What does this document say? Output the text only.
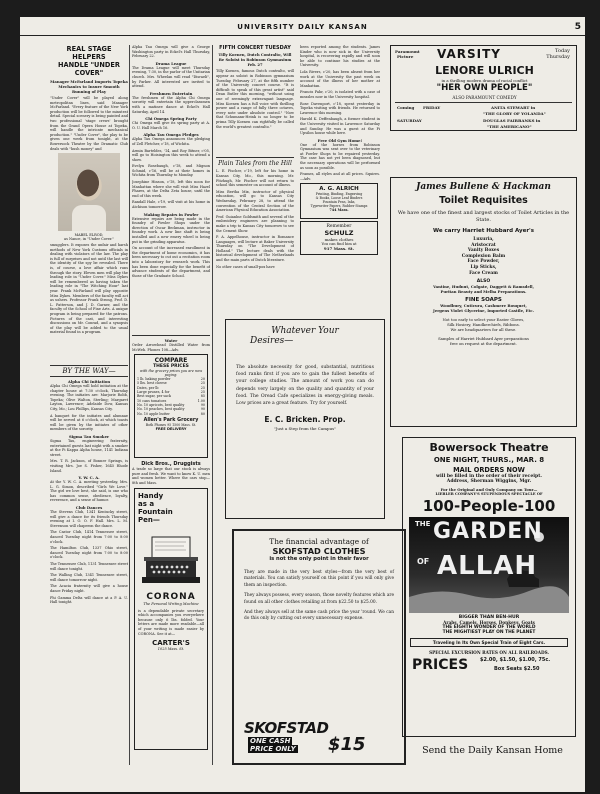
UNIVERSITY DAILY KANSAN	5
REAL STAGE HELPERS
HANDLE "UNDER COVER"
Manager McFarland Imports Topeka Mechanics to Insure Smooth Running of Play

"Under Cover" will be played along metropolitan lines, said Manager McFarland. "Every feature of the New York production will be followed to the minutest detail. Special scenery is being painted and two professional 'stage crews' brought from the Grand Opera House at Topeka, will handle the intricate mechanical production." "Under Cover", the play to be given one week from tonight, at the Bowersock Theatre by the Dramatic Club deals with "hush money" and

MABEL ELROD,
as Nance, in "Under Cover."

smugglers. It exposes the unfair and harsh methods of New York Customs officials in dealing with violators of the law. The play is full of surprises and not until the last will the identity of the spy be revealed. There is, of course, a love affair which runs through the story. Eleven men will play the leading role in "Under Cover." Miss Dykes will be remembered as having taken the leading role in "The Witching Hour" last year. Frank McFarland will play opposite Miss Dykes. Members of the faculty will act as ushers. Professor Frank Strong, Prof. D. L. Patterson, and J. D. Garner, and the faculty of the School of Fine Arts. A unique program is being prepared for the patrons. Pictures of the cast, and interesting discussions on Mr. Conrad, and a synopsis of the play will be added to the usual material found in a program.

BY THE WAY—
Alpha Chi Initiation

Alpha Chi Omega will hold initiation at the chapter house at 7:30 o'clock, Thursday evening. The initiates are: Marjorie Robb, Topeka; Olive Walton, Sterling; Margaret Layton, Lawrence; Adelaide Dow, Kansas City, Mo.; Lou Phillips, Kansas City.

A banquet for the initiates and alumnae will be served at 6 o'clock, at which toasts will be given by the initiates of other members of the sorority.

Sigma Tau Smoker

Sigma Tau, engineering fraternity, entertained guests last night with a smoker at the Pi Kappa Alpha house, 1141 Indiana street.

Mrs. T. R. Jackson, of Bonner Springs, is visiting Mrs. Joe S. Fisher, 1645 Rhode Island.

Y. W. C. A.

At the Y. W. C. A. meeting yesterday, Mrs. L. G. Simon, described "Girls We Love." The girl we love best, she said, is one who has common sense, obedience, loyalty, reverence, and a sense of humor.

Club Dances

The Stevens Club, 1341 Kentucky street, will give a dance for its friends Thursday evening at I. O. O. F. Hall. Mrs. L. M. Stevenson will chaperon the dance.

The Castor Club, 1414 Tennessee street, danced Tuesday night from 7:00 to 8:00 o'clock.

The Hamilton Club, 1337 Ohio street, danced Tuesday night from 7:00 to 8:00 o'clock.

The Tennessee Club, 1131 Tennessee street will dance tonight.

The Walling Club, 1341 Tennessee street, will dance tomorrow night.

The Acacia fraternity will give a house dance Friday night.

Phi Gamma Delta will dance at a P. A. U. Hall tonight.

Alpha Tau Omega will give a George Washington party in Eckel's Hall Thursday, February 22.

Drama League

The Drama League will meet Thursday evening, 7:30, in the parlor of the Unitarian church. Mrs. Wheelan will read "Disraeli", by Parker. All interested are invited to attend.

Freshmen Entertain

The freshmen of the Alpha Chi Omega sorority will entertain the upperclassmen with a matinee dance at Eckel's Hall Saturday, April 14.

Chi Omega Spring Party

Chi Omega will give its spring party at A. O. U. Hall March 16.

Alpha Tau Omega Pledges

Alpha Tau Omega announces the pledging of Zell Fletcher, c'18, of Wichita.

Armin Barteldes, '14, and Roy Bitner, c'05, will go to Hoisington this week to attend a show.

Evelyn Rosebaugh, c'18, and Mignon Schmid, c'16, will be at their homes in Wichita from Thursday to Monday.

Josephine Hinson, c'18, left this noon for Manhattan where she will visit Miss Hazel Phares, at the Delta Zeta house, until the end of this week.

Randall Hale, c'19, will visit at his home in Atchison tomorrow.

Making Repairs in Fowler

Extensive repairs are being made in the foundry of Fowler Shops under the direction of Oscar Beckman, instructor in foundry work. A new line shaft is being installed and a new emery wheel is being put in the grinding apparatus.

On account of the increased enrollment in the department of home economics, it has been necessary to cut out a recitation room into a laboratory for research work. This has been done especially for the benefit of advance students of the department, and those of the Graduate School.

Water

Order Arrowhead Distilled Water from McWeh. Phones 108—Adv.

COMPARE
THESE PRICES
with the grocery prices you are now paying:
1 lb. baking powder	20
5 lbs. best cheese	25
Dates, per lb	25
Large prunes, 4 for	25
Best sugar, per sack	85
10 cans tomatoes	1.00
No. 10 apricots, best quality	90
No. 10 peaches, best quality	90
No. 10 apple butter	80
Allen's Park Grocery
Both Phones 95 1500 Mass. St.
FREE DELIVERY
Dick Bros., Druggists

A trade so large that our stock is always pure and fresh. We want to know K. U. men and women better. Where the cars stop—8th and Mass.

Handy
as a
Fountain
Pen—
CORONA
The Personal Writing Machine

is a dependable private secretary which accompanies you everywhere because only 6 lbs. folded. Your letters are made more readable—all of your writing is made easier by CORONA. See it at—

CARTER'S
1025 Mass. St.
FIFTH CONCERT TUESDAY
Tilly Koenen, Dutch Contralto, Will Be Soloist in Robinson Gymnasium Feb. 27

Tilly Koenen, famous Dutch contralto, will appear as soloist in Robinson gymnasium Tuesday, February 27, at the fifth number of the University concert course. "It is difficult to speak of this great artist" said Dean Butler this morning, "without using one of seemingly extravagant language. Miss Koenen has a full voice with thrilling power and a range of fully three octaves, every note under absolute control." "Now that Schumann-Heink is no longer to be prima Tilly Koenen can rightfully be called the world's greatest contralto."

Plain Tales from the Hill

L. E. Fischer, c'19, left for his home in Kansas City, Mo., this morning. Mr. Fitzhugh, Mr. Fischer will not return to school this semester on account of illness.

Miss Bertha Mix, instructor of physical education, will go to Kansas City Wednesday, February 28, to attend the convention of the Central Section of the American Physical Education Association.

Prof. Guianlne Goldsmith and several of the embroidery engineers are planning to make a trip to Kansas City tomorrow to see the Cement Show.

P. A. Appelhouse, instructor in Romance Languages, will lecture at Baker University Thursday on "The Development of Holland." The lecture deals with the historical development of The Netherlands and the main parts of Dutch literature.

No other cases of small-pox have

been reported among the students. James Kinder who is now sick in the University hospital, is recovering rapidly and will soon be able to continue his studies at the University.

Lola Rivers, c'20, has been absent from her work at the University the past week on account of the illness of her mother at Manhattan.

Francis Fahr, c'20, is isolated with a case of measles now in the University hospital.

Rose Davenport, c'18, spent yesterday in Topeka visiting with friends. He returned to Lawrence this morning.

Harold K. Deffenbaugh, a former student in the University visited in Lawrence Saturday and Sunday. He was a guest at the Pi Upsilon house while here.

Free Old Gym Home!

One of the horses from Robinson Gymnasium was sent over to the veterinary at Fowler Shops to be repaired yesterday. The case has not yet been diagnosed, but the necessary operations will be performed as soon as possible.

Frames, all styles and at all prices. Squires.—Adv.

A. G. ALRICH
Printing, Binding, Engraving
& Books, Loose Leaf Binders
Fountain Pens, Inks,
Typewriter Papers, Rubber Stamps
744 Mass.
Remember
SCHULZ
makes clothes
You can find him at
917 Mass. St.
Whatever Your
Desires—

The absolute necessity for good, substantial, nutritious food ranks first if you are to gain the fullest benefits of your college studies. The amount of work you can do depends very largely on the quality and quantity of your food. The Oread Cafe specializes in energy-giving meals. Low prices are a great feature. Try for yourself.

E. C. Bricken. Prop.
"Just a Step from the Campus"
The financial advantage of
SKOFSTAD CLOTHES
is not the only point in their favor

They are made in the very best styles—from the very best of materials. You can satisfy yourself on this point if you will only give them an inspection.

They always possess, every season, those novelty features which are found on all other clothes retailing at from $22.50 to $25.00.

And they always sell at the same cash price the year 'round. We can do this only by cutting out every unnecessary expense.

SKOFSTAD
ONE CASH
PRICE ONLY $15
Paramount
Picture VARSITY	Today
Thursday
LENORE ULRICH
in a thrilling modern drama of racial conflict
"HER OWN PEOPLE"
ALSO PARAMOUNT COMEDY
Coming FRIDAY	ANITA STEWART in
"THE GLORY OF YOLANDA"
SATURDAY	DOUGLAS FAIRBANKS in
"THE AMERICANO"
James Bullene & Hackman
Toilet Requisites
We have one of the finest and largest stocks of Toilet Articles in the State.
We carry Harriet Hubbard Ayer's
Luxuria,
Aristocrat
Vanity Boxes
Complexion Balm
Face Powder,
Lip Sticks,
Face Cream
ALSO
Vantine, Hudnut, Colgate, Daggett & Ramsdell,
Puritan Beauty and Melba Preparations.
FINE SOAPS
Woodbury, Cuticura, Cashmere Bouquet,
Jergens Violet Glycerine, Imported Castile, Etc.
Not too early to select your Easter Gloves,
Silk Hosiery, Handkerchiefs, Ribbons.
We are headquarters for all these.
Samples of Harriet Hubbard Ayer preparations
free on request at the department.
Bowersock Theatre
ONE NIGHT, THURS., MAR. 8
MAIL ORDERS NOW
will be filled in the order of their receipt.
Address, Sherman Wiggins, Mgr.
For the Original and Only Company on Tour—
LIEBLER COMPANY'S STUPENDOUS SPECTACLE OF
100-People-100
THE GARDEN
OF ALLAH
BIGGER THAN BEN-HUR
Arabs, Camels, Horses, Donkeys, Goats
THE EIGHTH WONDER OF THE WORLD
THE MIGHTIEST PLAY ON THE PLANET
Traveling In Its Own Special Train of Eight Cars.
SPECIAL EXCURSION RATES ON ALL RAILROADS.
PRICES $2.00, $1.50, $1.00, 75c.
Box Seats $2.50
Send the Daily Kansan Home
